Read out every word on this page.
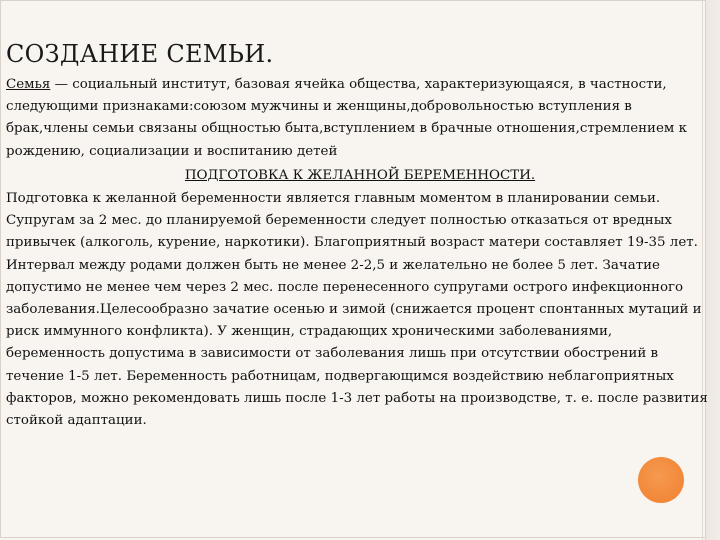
СОЗДАНИЕ СЕМЬИ.

Семья — социальный институт, базовая ячейка общества, характеризующаяся, в частности, следующими признаками:союзом мужчины и женщины,добровольностью вступления в брак,члены семьи связаны общностью быта,вступлением в брачные отношения,стремлением к рождению, социализации и воспитанию детей

ПОДГОТОВКА К ЖЕЛАННОЙ БЕРЕМЕННОСТИ.

Подготовка к желанной беременности является главным моментом в планировании семьи. Супругам за 2 мес. до планируемой беременности следует полностью отказаться от вредных привычек (алкоголь, курение, наркотики). Благоприятный возраст матери составляет 19-35 лет. Интервал между родами должен быть не менее 2-2,5 и желательно не более 5 лет. Зачатие допустимо не менее чем через 2 мес. после перенесенного супругами острого инфекционного заболевания.Целесообразно зачатие осенью и зимой (снижается процент спонтанных мутаций и риск иммунного конфликта). У женщин, страдающих хроническими заболеваниями, беременность допустима в зависимости от заболевания лишь при отсутствии обострений в течение 1-5 лет. Беременность работницам, подвергающимся воздействию неблагоприятных факторов, можно рекомендовать лишь после 1-3 лет работы на производстве, т. е. после развития стойкой адаптации.
